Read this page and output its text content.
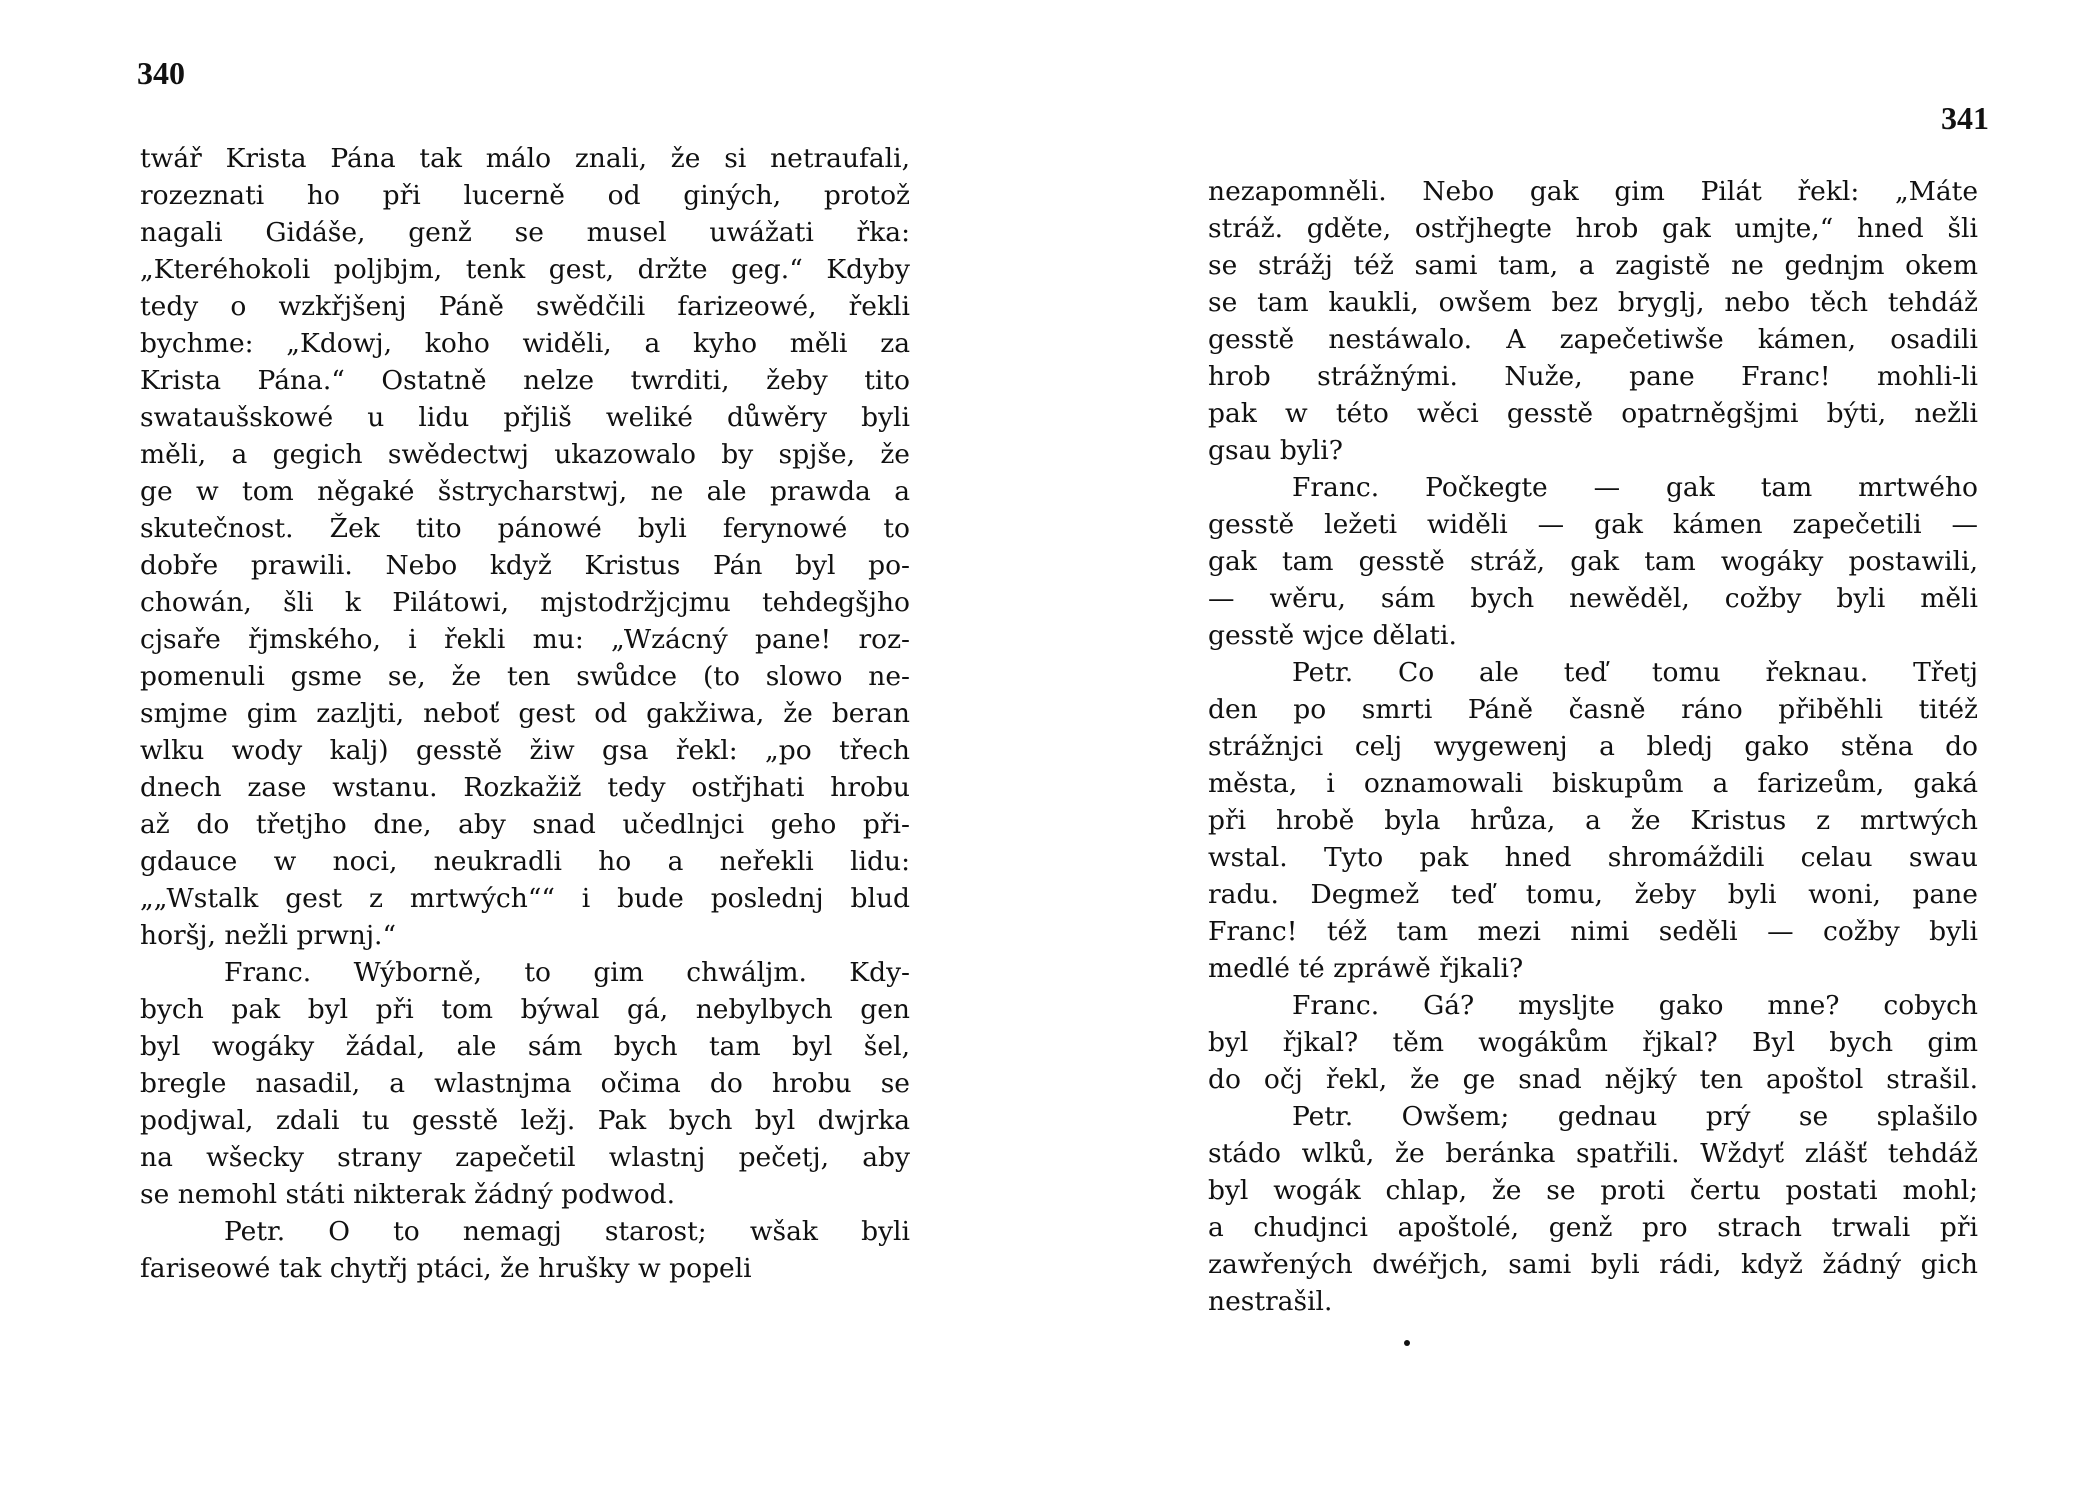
340
twář Krista Pána tak málo znali, že si netraufali,
rozeznati ho při lucerně od giných, protož
nagali Gidáše, genž se musel uwážati řka:
„Kteréhokoli poljbjm, tenk gest, držte geg.“ Kdyby
tedy o wzkřjšenj Páně swědčili farizeowé, řekli
bychme: „Kdowj, koho widěli, a kyho měli za
Krista Pána.“ Ostatně nelze twrditi, žeby tito
swataušskowé u lidu přjliš weliké důwěry byli
měli, a gegich swědectwj ukazowalo by spjše, že
ge w tom něgaké šstrycharstwj, ne ale prawda a
skutečnost. Žek tito pánowé byli ferynowé to
dobře prawili. Nebo když Kristus Pán byl po-
chowán, šli k Pilátowi, mjstodržjcjmu tehdegšjho
cjsaře řjmského, i řekli mu: „Wzácný pane! roz-
pomenuli gsme se, že ten swůdce (to slowo ne-
smjme gim zazljti, neboť gest od gakžiwa, že beran
wlku wody kalj) gesstě žiw gsa řekl: „po třech
dnech zase wstanu. Rozkažiž tedy ostřjhati hrobu
až do třetjho dne, aby snad učedlnjci geho při-
gdauce w noci, neukradli ho a neřekli lidu:
„„Wstalk gest z mrtwých““ i bude poslednj blud
horšj, nežli prwnj.“
Franc. Wýborně, to gim chwáljm. Kdy-
bych pak byl při tom býwal gá, nebylbych gen
byl wogáky žádal, ale sám bych tam byl šel,
bregle nasadil, a wlastnjma očima do hrobu se
podjwal, zdali tu gesstě ležj. Pak bych byl dwjrka
na wšecky strany zapečetil wlastnj pečetj, aby
se nemohl státi nikterak žádný podwod.
Petr. O to nemagj starost; wšak byli
fariseowé tak chytřj ptáci, že hrušky w popeli
341
nezapomněli. Nebo gak gim Pilát řekl: „Máte
stráž. gděte, ostřjhegte hrob gak umjte,“ hned šli
se strážj též sami tam, a zagistě ne gednjm okem
se tam kaukli, owšem bez bryglj, nebo těch tehdáž
gesstě nestáwalo. A zapečetiwše kámen, osadili
hrob strážnými. Nuže, pane Franc! mohli-li
pak w této wěci gesstě opatrněgšjmi býti, nežli
gsau byli?
Franc. Počkegte — gak tam mrtwého
gesstě ležeti widěli — gak kámen zapečetili —
gak tam gesstě stráž, gak tam wogáky postawili,
— wěru, sám bych newěděl, cožby byli měli
gesstě wjce dělati.
Petr. Co ale teď tomu řeknau. Třetj
den po smrti Páně časně ráno přiběhli titéž
strážnjci celj wygewenj a bledj gako stěna do
města, i oznamowali biskupům a farizeům, gaká
při hrobě byla hrůza, a že Kristus z mrtwých
wstal. Tyto pak hned shromáždili celau swau
radu. Degmež teď tomu, žeby byli woni, pane
Franc! též tam mezi nimi seděli — cožby byli
medlé té zpráwě řjkali?
Franc. Gá? mysljte gako mne? cobych
byl řjkal? těm wogákům řjkal? Byl bych gim
do očj řekl, že ge snad nějký ten apoštol strašil.
Petr. Owšem; gednau prý se splašilo
stádo wlků, že beránka spatřili. Wždyť zlášť tehdáž
byl wogák chlap, že se proti čertu postati mohl;
a chudjnci apoštolé, genž pro strach trwali při
zawřených dwéřjch, sami byli rádi, když žádný gich
nestrašil.
